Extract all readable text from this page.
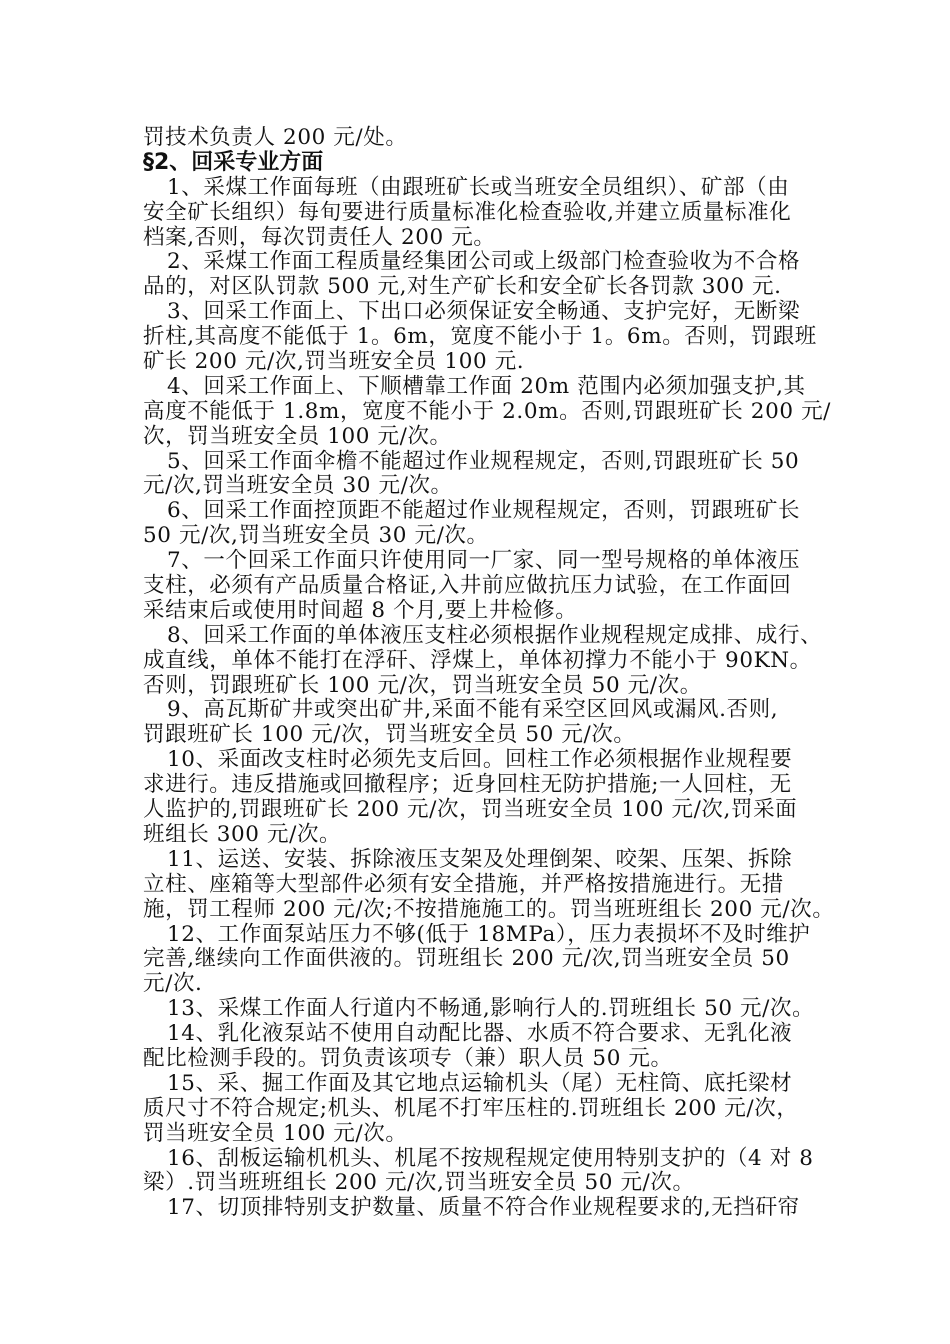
罚技术负责人 200 元/处。
§2、回采专业方面
1、采煤工作面每班（由跟班矿长或当班安全员组织）、矿部（由
安全矿长组织）每旬要进行质量标准化检查验收,并建立质量标准化
档案,否则，每次罚责任人 200 元。
2、采煤工作面工程质量经集团公司或上级部门检查验收为不合格
品的，对区队罚款 500 元,对生产矿长和安全矿长各罚款 300 元.
3、回采工作面上、下出口必须保证安全畅通、支护完好，无断梁
折柱,其高度不能低于 1。6m，宽度不能小于 1。6m。否则，罚跟班
矿长 200 元/次,罚当班安全员 100 元.
4、回采工作面上、下顺槽靠工作面 20m 范围内必须加强支护,其
高度不能低于 1.8m，宽度不能小于 2.0m。否则,罚跟班矿长 200 元/
次，罚当班安全员 100 元/次。
5、回采工作面伞檐不能超过作业规程规定，否则,罚跟班矿长 50
元/次,罚当班安全员 30 元/次。
6、回采工作面控顶距不能超过作业规程规定，否则，罚跟班矿长
50 元/次,罚当班安全员 30 元/次。
7、一个回采工作面只许使用同一厂家、同一型号规格的单体液压
支柱，必须有产品质量合格证,入井前应做抗压力试验，在工作面回
采结束后或使用时间超 8 个月,要上井检修。
8、回采工作面的单体液压支柱必须根据作业规程规定成排、成行、
成直线，单体不能打在浮矸、浮煤上，单体初撑力不能小于 90KN。
否则，罚跟班矿长 100 元/次，罚当班安全员 50 元/次。
9、高瓦斯矿井或突出矿井,采面不能有采空区回风或漏风.否则,
罚跟班矿长 100 元/次，罚当班安全员 50 元/次。
10、采面改支柱时必须先支后回。回柱工作必须根据作业规程要
求进行。违反措施或回撤程序；近身回柱无防护措施;一人回柱，无
人监护的,罚跟班矿长 200 元/次，罚当班安全员 100 元/次,罚采面
班组长 300 元/次。
11、运送、安装、拆除液压支架及处理倒架、咬架、压架、拆除
立柱、座箱等大型部件必须有安全措施，并严格按措施进行。无措
施，罚工程师 200 元/次;不按措施施工的。罚当班班组长 200 元/次。
12、工作面泵站压力不够(低于 18MPa），压力表损坏不及时维护
完善,继续向工作面供液的。罚班组长 200 元/次,罚当班安全员 50
元/次.
13、采煤工作面人行道内不畅通,影响行人的.罚班组长 50 元/次。
14、乳化液泵站不使用自动配比器、水质不符合要求、无乳化液
配比检测手段的。罚负责该项专（兼）职人员 50 元。
15、采、掘工作面及其它地点运输机头（尾）无柱筒、底托梁材
质尺寸不符合规定;机头、机尾不打牢压柱的.罚班组长 200 元/次，
罚当班安全员 100 元/次。
16、刮板运输机机头、机尾不按规程规定使用特别支护的（4 对 8
梁）.罚当班班组长 200 元/次,罚当班安全员 50 元/次。
17、切顶排特别支护数量、质量不符合作业规程要求的,无挡矸帘
